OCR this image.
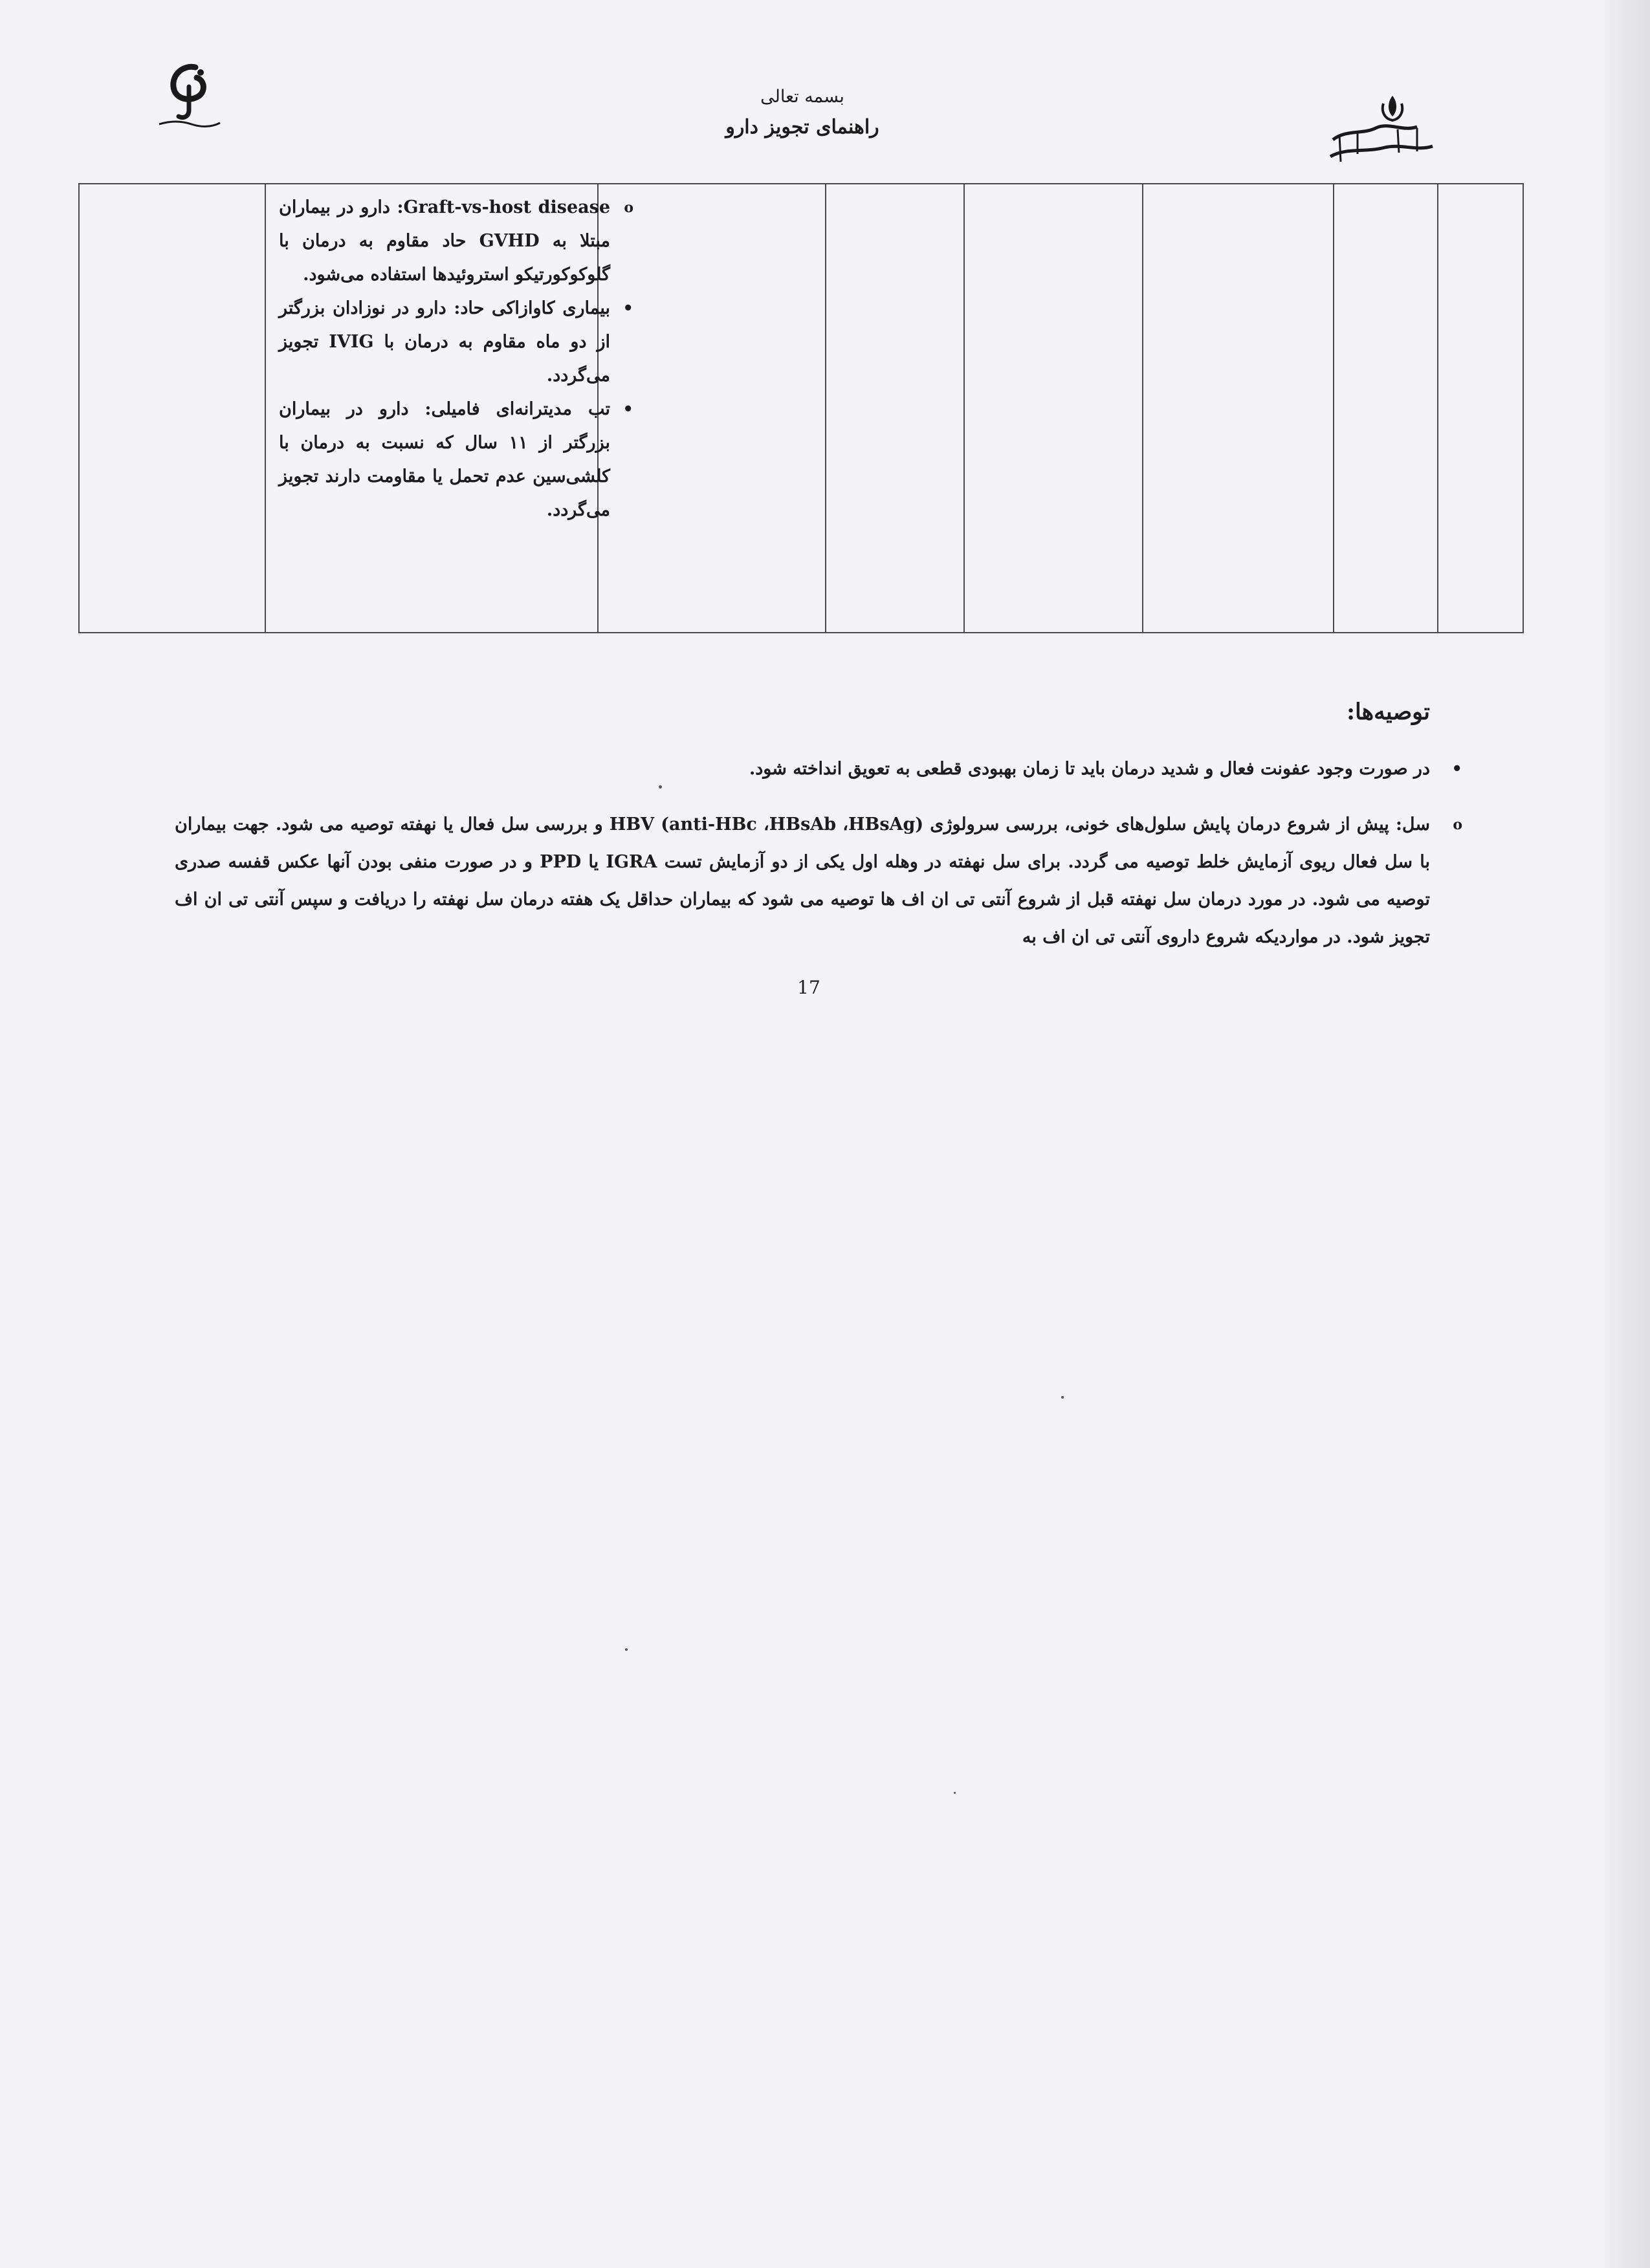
بسمه تعالی
راهنمای تجویز دارو
o Graft-vs-host disease: دارو در بیماران مبتلا به GVHD حاد مقاوم به درمان با گلوکوکورتیکو استروئیدها استفاده می‌شود.
• بیماری کاوازاکی حاد: دارو در نوزادان بزرگتر از دو ماه مقاوم به درمان با IVIG تجویز می‌گردد.
• تب مدیترانه‌ای فامیلی: دارو در بیماران بزرگتر از ۱۱ سال که نسبت به درمان با کلشی‌سین عدم تحمل یا مقاومت دارند تجویز می‌گردد.
توصیه‌ها:
• در صورت وجود عفونت فعال و شدید درمان باید تا زمان بهبودی قطعی به تعویق انداخته شود.
o سل: پیش از شروع درمان پایش سلول‌های خونی، بررسی سرولوژی HBV (anti-HBc ،HBsAb ،HBsAg) و بررسی سل فعال یا نهفته توصیه می شود. جهت بیماران با سل فعال ریوی آزمایش خلط توصیه می گردد. برای سل نهفته در وهله اول یکی از دو آزمایش تست IGRA یا PPD و در صورت منفی بودن آنها عکس قفسه صدری توصیه می شود. در مورد درمان سل نهفته قبل از شروع آنتی تی ان اف ها توصیه می شود که بیماران حداقل یک هفته درمان سل نهفته را دریافت و سپس آنتی تی ان اف تجویز شود. در مواردیکه شروع داروی آنتی تی ان اف به
17
